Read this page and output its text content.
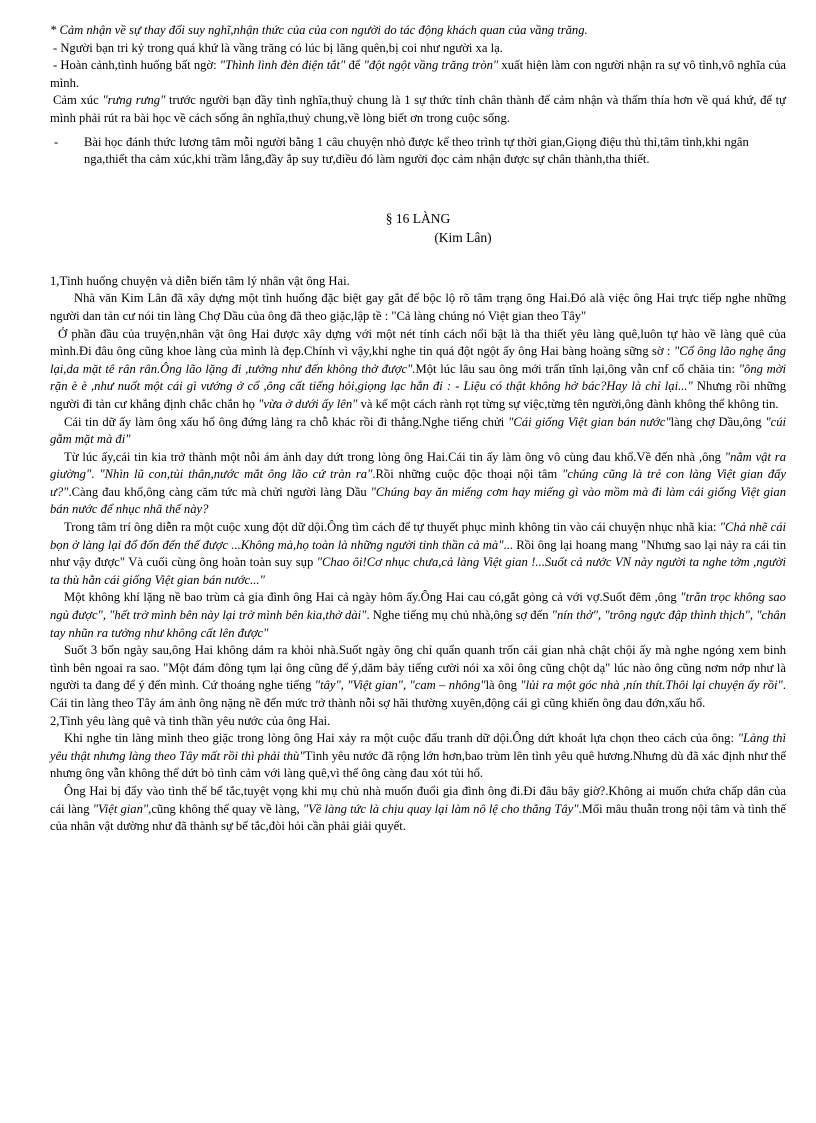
* Cảm nhận về sự thay đổi suy nghĩ,nhận thức của của con người do tác động khách quan của vầng trăng.

- Người bạn tri kỷ trong quá khứ là vầng trăng có lúc bị lãng quên,bị coi như người xa lạ.

- Hoàn cảnh,tình huống bất ngờ: "Thình lình đèn điện tắt" để "đột ngột vầng trăng tròn" xuất hiện làm con người nhận ra sự vô tình,vô nghĩa của mình.

Cảm xúc "rưng rưng" trước người bạn đầy tình nghĩa,thuỷ chung là 1 sự thức tỉnh chân thành để cảm nhận và thấm thía hơn về quá khứ, để tự mình phải rút ra bài học về cách sống ân nghĩa,thuỷ chung,về lòng biết ơn trong cuộc sống.

-	Bài học đánh thức lương tâm mỗi người bằng 1 câu chuyện nhỏ được kể theo trình tự thời gian,Giọng điệu thủ thỉ,tâm tình,khi ngân nga,thiết tha cảm xúc,khi trầm lắng,đầy ắp suy tư,điều đó làm người đọc cảm nhận được sự chân thành,tha thiết.
§ 16 LÀNG
(Kim Lân)

1,Tình huống chuyện và diễn biến tâm lý nhân vật ông Hai.

Nhà văn Kim Lân đã xây dựng một tình huống đặc biệt gay gắt để bộc lộ rõ tâm trạng ông Hai.Đó alà việc ông Hai trực tiếp nghe những người dan tản cư nói tin làng Chợ Dầu của ông đã theo giặc,lập tề : "Cả làng chúng nó Việt gian theo Tây"

Ở phần đầu của truyện,nhân vật ông Hai được xây dựng với một nét tính cách nổi bật là tha thiết yêu làng quê,luôn tự hào về làng quê của mình.Đi đâu ông cũng khoe làng của mình là đẹp.Chính vì vậy,khi nghe tin quá đột ngột ấy ông Hai bàng hoàng sững sờ : "Cổ ông lão nghẹ ắng lại,da mặt tê rân rân.Ông lão lặng đi ,tưởng như đến không thở được".Một lúc lâu sau ông mới trấn tĩnh lại,ông vẫn cnf cố chăia tin: "ông mời rặn è è ,như nuốt một cái gì vướng ở cổ ,ông cất tiếng hỏi,giọng lạc hẳn đi : - Liệu có thật không hở bác?Hay là chỉ lại..." Nhưng rồi những người đi tản cư khẳng định chắc chắn họ "vừa ở dưới ấy lên" và kể một cách rành rọt từng sự việc,từng tên người,ông đành không thể không tin.

Cái tin dữ ấy làm ông xấu hổ ông đứng lảng ra chỗ khác rồi đi thẳng.Nghe tiếng chửi "Cái giống Việt gian bán nước"làng chợ Dầu,ông "cúi gằm mặt mà đi"

Từ lúc ấy,cái tin kia trở thành một nỗi ám ảnh day dứt trong lòng ông Hai.Cái tin ấy làm ông vô cùng đau khổ.Về đến nhà ,ông "nằm vật ra giường". "Nhìn lũ con,tủi thân,nước mắt ông lão cứ tràn ra".Rồi những cuộc độc thoại nội tâm "chúng cũng là trẻ con làng Việt gian đấy ư?".Càng đau khổ,ông càng căm tức mà chửi người làng Dầu "Chúng bay ăn miếng cơm hay miếng gì vào mồm mà đi làm cái giống Việt gian bán nước để nhục nhã thế này?

Trong tâm trí ông diễn ra một cuộc xung đột dữ dội.Ông tìm cách để tự thuyết phục mình không tin vào cái chuyện nhục nhã kia: "Chả nhẽ cái bọn ở làng lại đổ đốn đến thế được ...Không mà,họ toàn là những người tinh thần cả mà"... Rồi ông lại hoang mang "Nhưng sao lại nảy ra cái tin như vậy được" Và cuối cùng ông hoàn toàn suy sụp "Chao ôi!Cơ nhục chưa,cả làng Việt gian !...Suốt cả nước VN này người ta nghe tởm ,người ta thù hằn cái giống Việt gian bán nước..."

Một không khí lặng nề bao trùm cả gia đình ông Hai cả ngày hôm ấy.Ông Hai cau có,gắt gỏng cả với vợ.Suốt đêm ,ông "trằn trọc không sao ngủ được", "hết trở mình bên này lại trở mình bên kia,thở dài". Nghe tiếng mụ chủ nhà,ông sợ đến "nín thở", "trông ngực đập thình thịch", "chân tay nhũn ra tưởng như không cất lên được"

Suốt 3 bốn ngày sau,ông Hai không dám ra khỏi nhà.Suốt ngày ông chỉ quẩn quanh trốn cái gian nhà chật chội ấy mà nghe ngóng xem binh tình bên ngoai ra sao. "Một đám đông tụm lại ông cũng để ý,dăm bảy tiếng cười nói xa xôi ông cũng chột dạ" lúc nào ông cũng nơm nớp như là người ta đang để ý đến mình. Cứ thoáng nghe tiếng "tây", "Việt gian", "cam – nhông"là ông "lủi ra một góc nhà ,nín thít.Thôi lại chuyện ấy rồi". Cái tin làng theo Tây ám ảnh ông nặng nề đến mức trở thành nỗi sợ hãi thường xuyên,động cái gì cũng khiến ông đau đớn,xấu hổ.

2,Tình yêu làng quê và tinh thần yêu nước của ông Hai.

Khi nghe tin làng mình theo giặc trong lòng ông Hai xảy ra một cuộc đấu tranh dữ dội.Ông dứt khoát lựa chọn theo cách của ông: "Làng thì yêu thật nhưng làng theo Tây mất rồi thì phải thù"Tình yêu nước đã rộng lớn hơn,bao trùm lên tình yêu quê hương.Nhưng dù đã xác định như thế nhưng ông vẫn không thể dứt bỏ tình cảm với làng quê,vì thế ông càng đau xót tủi hổ.

Ông Hai bị đẩy vào tình thế bế tắc,tuyệt vọng khi mụ chủ nhà muốn đuổi gia đình ông đi.Đi đâu bây giờ?.Không ai muốn chứa chấp dân của cái làng "Việt gian",cũng không thể quay về làng, "Về làng tức là chịu quay lại làm nô lệ cho thằng Tây".Mối mâu thuẫn trong nội tâm và tình thế của nhân vật dường như đã thành sự bế tắc,đòi hỏi cần phải giải quyết.
